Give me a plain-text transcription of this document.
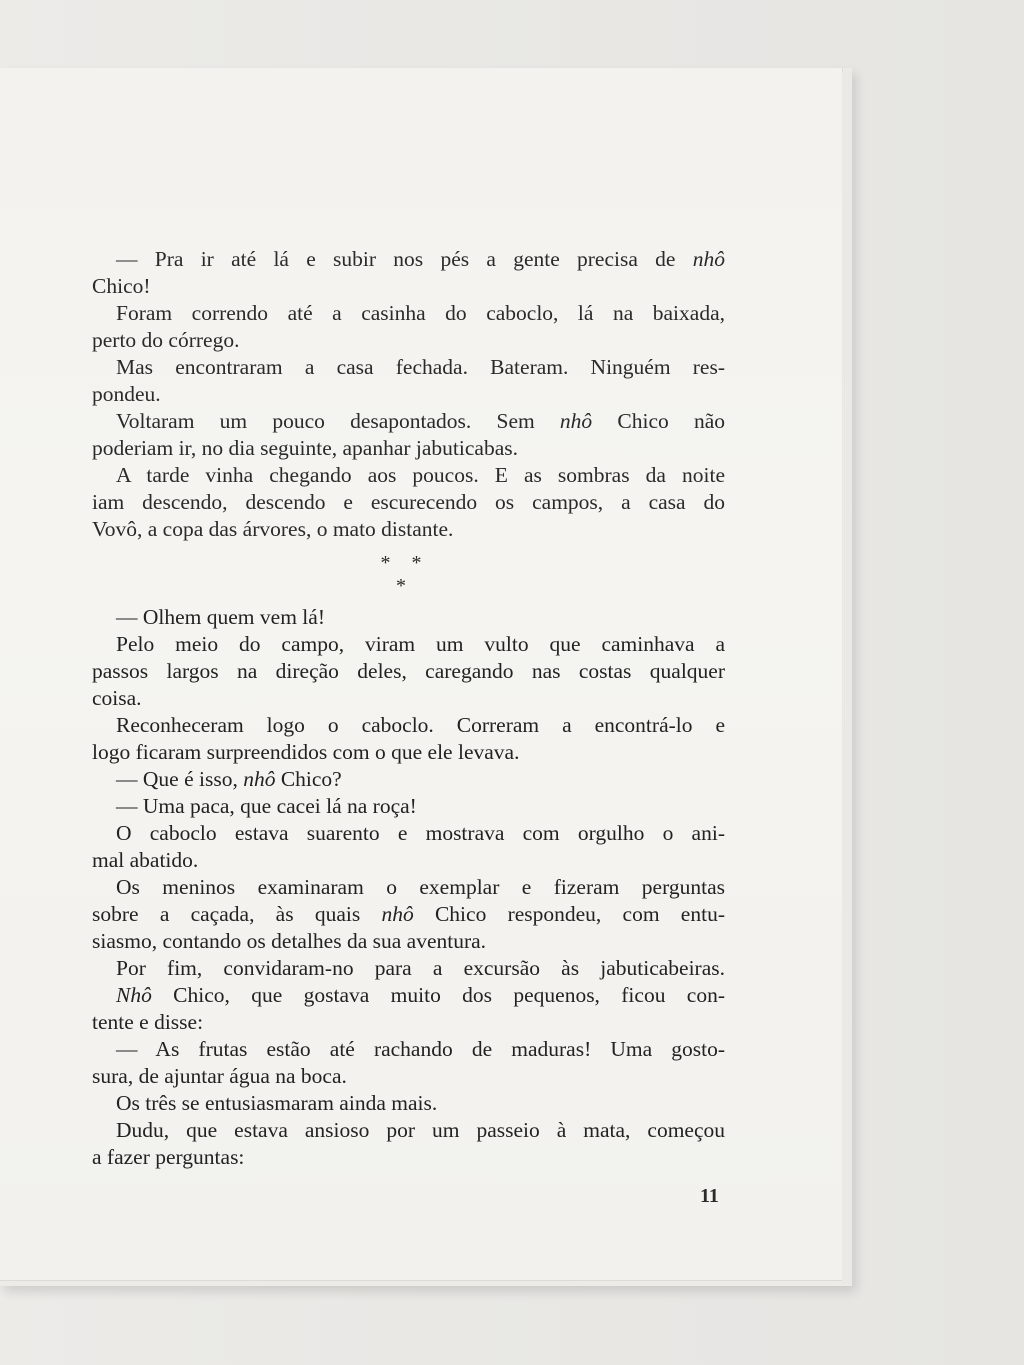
— Pra ir até lá e subir nos pés a gente precisa de nhô
Chico!
Foram correndo até a casinha do caboclo, lá na baixada,
perto do córrego.
Mas encontraram a casa fechada. Bateram. Ninguém res-
pondeu.
Voltaram um pouco desapontados. Sem nhô Chico não
poderiam ir, no dia seguinte, apanhar jabuticabas.
A tarde vinha chegando aos poucos. E as sombras da noite
iam descendo, descendo e escurecendo os campos, a casa do
Vovô, a copa das árvores, o mato distante.
* * *
— Olhem quem vem lá!
Pelo meio do campo, viram um vulto que caminhava a
passos largos na direção deles, caregando nas costas qualquer
coisa.
Reconheceram logo o caboclo. Correram a encontrá-lo e
logo ficaram surpreendidos com o que ele levava.
— Que é isso, nhô Chico?
— Uma paca, que cacei lá na roça!
O caboclo estava suarento e mostrava com orgulho o ani-
mal abatido.
Os meninos examinaram o exemplar e fizeram perguntas
sobre a caçada, às quais nhô Chico respondeu, com entu-
siasmo, contando os detalhes da sua aventura.
Por fim, convidaram-no para a excursão às jabuticabeiras.
Nhô Chico, que gostava muito dos pequenos, ficou con-
tente e disse:
— As frutas estão até rachando de maduras! Uma gosto-
sura, de ajuntar água na boca.
Os três se entusiasmaram ainda mais.
Dudu, que estava ansioso por um passeio à mata, começou
a fazer perguntas:
11
